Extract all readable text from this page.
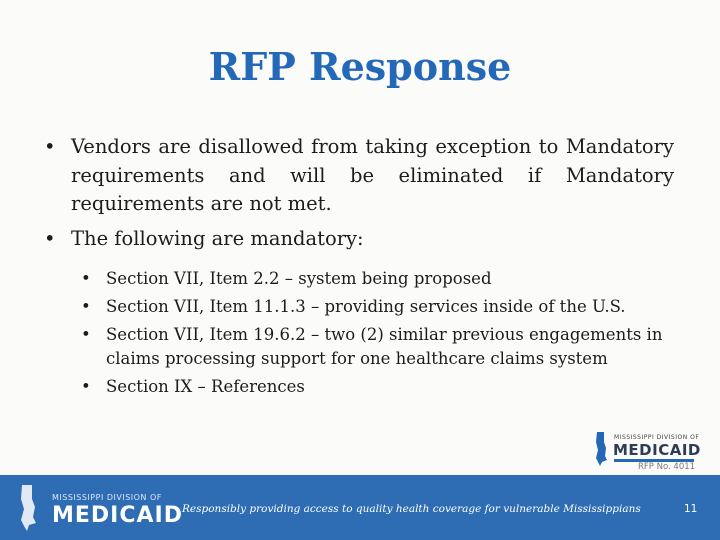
RFP Response
• Vendors are disallowed from taking exception to Mandatory requirements and will be eliminated if Mandatory requirements are not met.
• The following are mandatory:
• Section VII, Item 2.2 – system being proposed
• Section VII, Item 11.1.3 – providing services inside of the U.S.
• Section VII, Item 19.6.2 – two (2) similar previous engagements in claims processing support for one healthcare claims system
• Section IX – References
MISSISSIPPI DIVISION OF
MEDICAID
RFP No. 4011
MISSISSIPPI DIVISION OF
MEDICAID Responsibly providing access to quality health coverage for vulnerable Mississippians	11
